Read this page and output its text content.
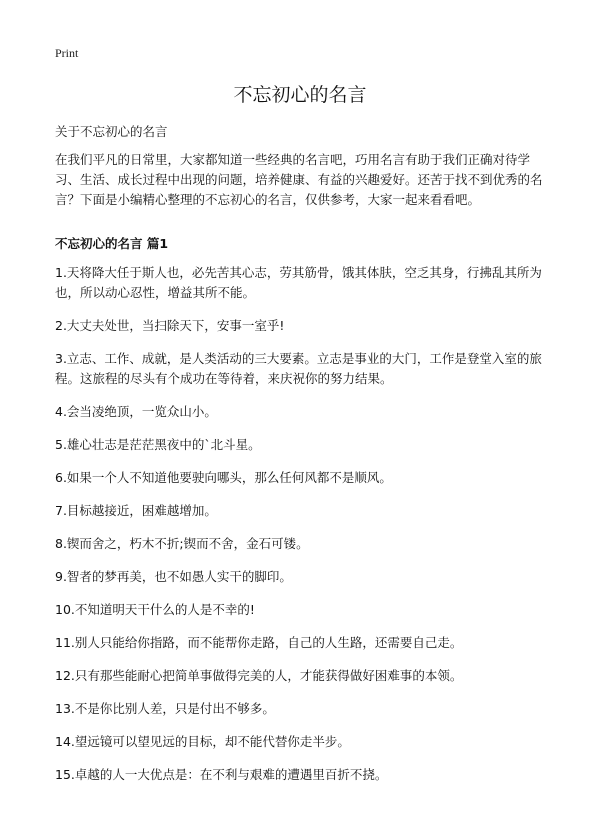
Print
不忘初心的名言
关于不忘初心的名言

在我们平凡的日常里，大家都知道一些经典的名言吧，巧用名言有助于我们正确对待学习、生活、成长过程中出现的问题，培养健康、有益的兴趣爱好。还苦于找不到优秀的名言？下面是小编精心整理的不忘初心的名言，仅供参考，大家一起来看看吧。

不忘初心的名言 篇1
1.天将降大任于斯人也，必先苦其心志，劳其筋骨，饿其体肤，空乏其身，行拂乱其所为也，所以动心忍性，增益其所不能。
2.大丈夫处世，当扫除天下，安事一室乎!
3.立志、工作、成就，是人类活动的三大要素。立志是事业的大门，工作是登堂入室的旅程。这旅程的尽头有个成功在等待着，来庆祝你的努力结果。
4.会当凌绝顶，一览众山小。
5.雄心壮志是茫茫黑夜中的`北斗星。
6.如果一个人不知道他要驶向哪头，那么任何风都不是顺风。
7.目标越接近，困难越增加。
8.锲而舍之，朽木不折;锲而不舍，金石可镂。
9.智者的梦再美，也不如愚人实干的脚印。
10.不知道明天干什么的人是不幸的!
11.别人只能给你指路，而不能帮你走路，自己的人生路，还需要自己走。
12.只有那些能耐心把简单事做得完美的人，才能获得做好困难事的本领。
13.不是你比别人差，只是付出不够多。
14.望远镜可以望见远的目标，却不能代替你走半步。
15.卓越的人一大优点是：在不利与艰难的遭遇里百折不挠。
